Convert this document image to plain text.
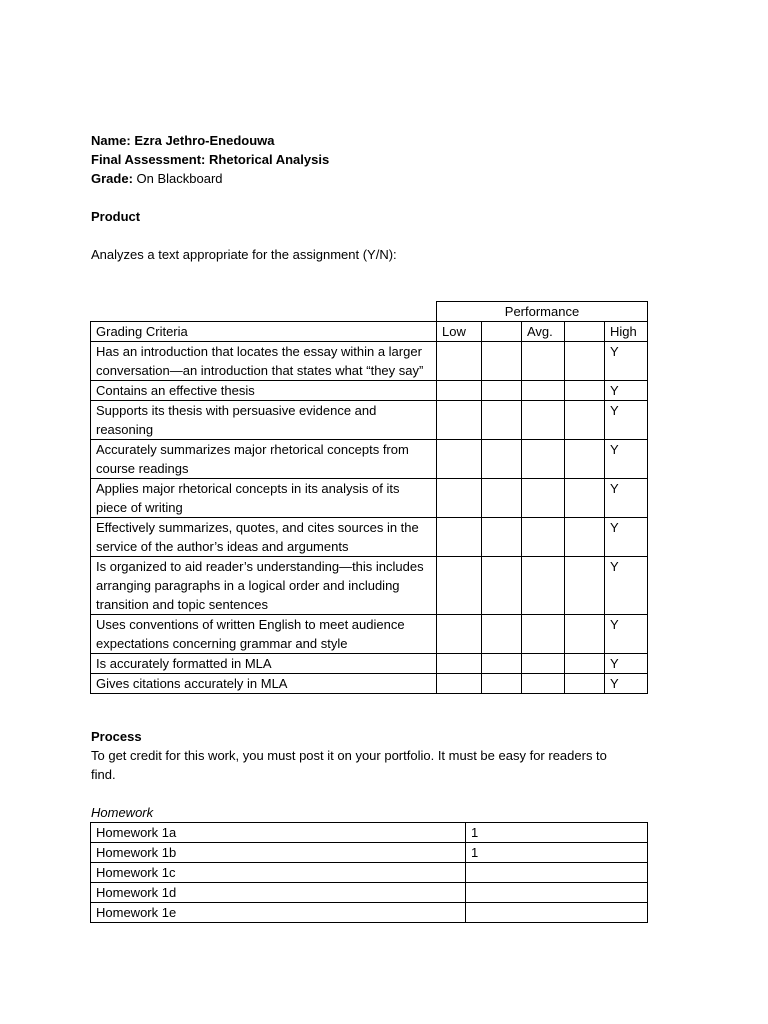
Name: Ezra Jethro-Enedouwa
Final Assessment: Rhetorical Analysis
Grade: On Blackboard
Product
Analyzes a text appropriate for the assignment (Y/N):
	Performance				
Grading Criteria	Low		Avg.		High
Has an introduction that locates the essay within a larger conversation—an introduction that states what “they say”					Y
Contains an effective thesis					Y
Supports its thesis with persuasive evidence and reasoning					Y
Accurately summarizes major rhetorical concepts from course readings					Y
Applies major rhetorical concepts in its analysis of its piece of writing					Y
Effectively summarizes, quotes, and cites sources in the service of the author’s ideas and arguments					Y
Is organized to aid reader’s understanding—this includes arranging paragraphs in a logical order and including transition and topic sentences					Y
Uses conventions of written English to meet audience expectations concerning grammar and style					Y
Is accurately formatted in MLA					Y
Gives citations accurately in MLA					Y
Process
To get credit for this work, you must post it on your portfolio. It must be easy for readers to
find.
Homework
Homework 1a	1
Homework 1b	1
Homework 1c	
Homework 1d	
Homework 1e	
